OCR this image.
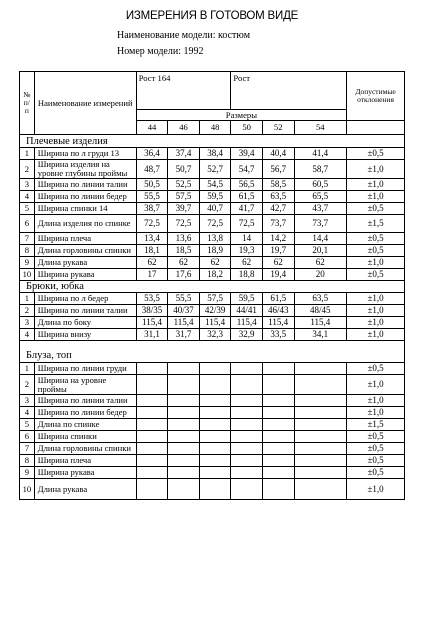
ИЗМЕРЕНИЯ В ГОТОВОМ ВИДЕ
Наименование модели: костюм
Номер модели: 1992
№
п/
п	Наименование измерений	Рост 164			Рост			Допустимые отклонения
		Размеры						
		44	46	48	50	52	54	
Плечевые изделия								
1	Ширина по л груди 13	36,4	37,4	38,4	39,4	40,4	41,4	±0,5
2	Ширина изделия на уровне глубины проймы	48,7	50,7	52,7	54,7	56,7	58,7	±1,0
3	Ширина по линии талии	50,5	52,5	54,5	56,5	58,5	60,5	±1,0
4	Ширина по линии бедер	55,5	57,5	59,5	61,5	63,5	65,5	±1,0
5	Ширина спинки 14	38,7	39,7	40,7	41,7	42,7	43,7	±0,5
6	Длина изделия по спинке	72,5	72,5	72,5	72,5	73,7	73,7	±1,5
7	Ширина плеча	13,4	13,6	13,8	14	14,2	14,4	±0,5
8	Длина горловины спинки	18,1	18,5	18,9	19,3	19,7	20,1	±0,5
9	Длина рукава	62	62	62	62	62	62	±1,0
10	Ширина рукава	17	17,6	18,2	18,8	19,4	20	±0,5
Брюки, юбка								
1	Ширина по л бедер	53,5	55,5	57,5	59,5	61,5	63,5	±1,0
2	Ширина по линии талии	38/35	40/37	42/39	44/41	46/43	48/45	±1,0
3	Длина по боку	115,4	115,4	115,4	115,4	115,4	115,4	±1,0
4	Ширина внизу	31,1	31,7	32,3	32,9	33,5	34,1	±1,0
Блуза, топ								
1	Ширина по линии груди							±0,5
2	Ширина на уровне проймы							±1,0
3	Ширина по линии талии							±1,0
4	Ширина по линии бедер							±1,0
5	Длина по спинке							±1,5
6	Ширина спинки							±0,5
7	Длина горловины спинки							±0,5
8	Ширина плеча							±0,5
9	Ширина рукава							±0,5
10	Длина рукава							±1,0
